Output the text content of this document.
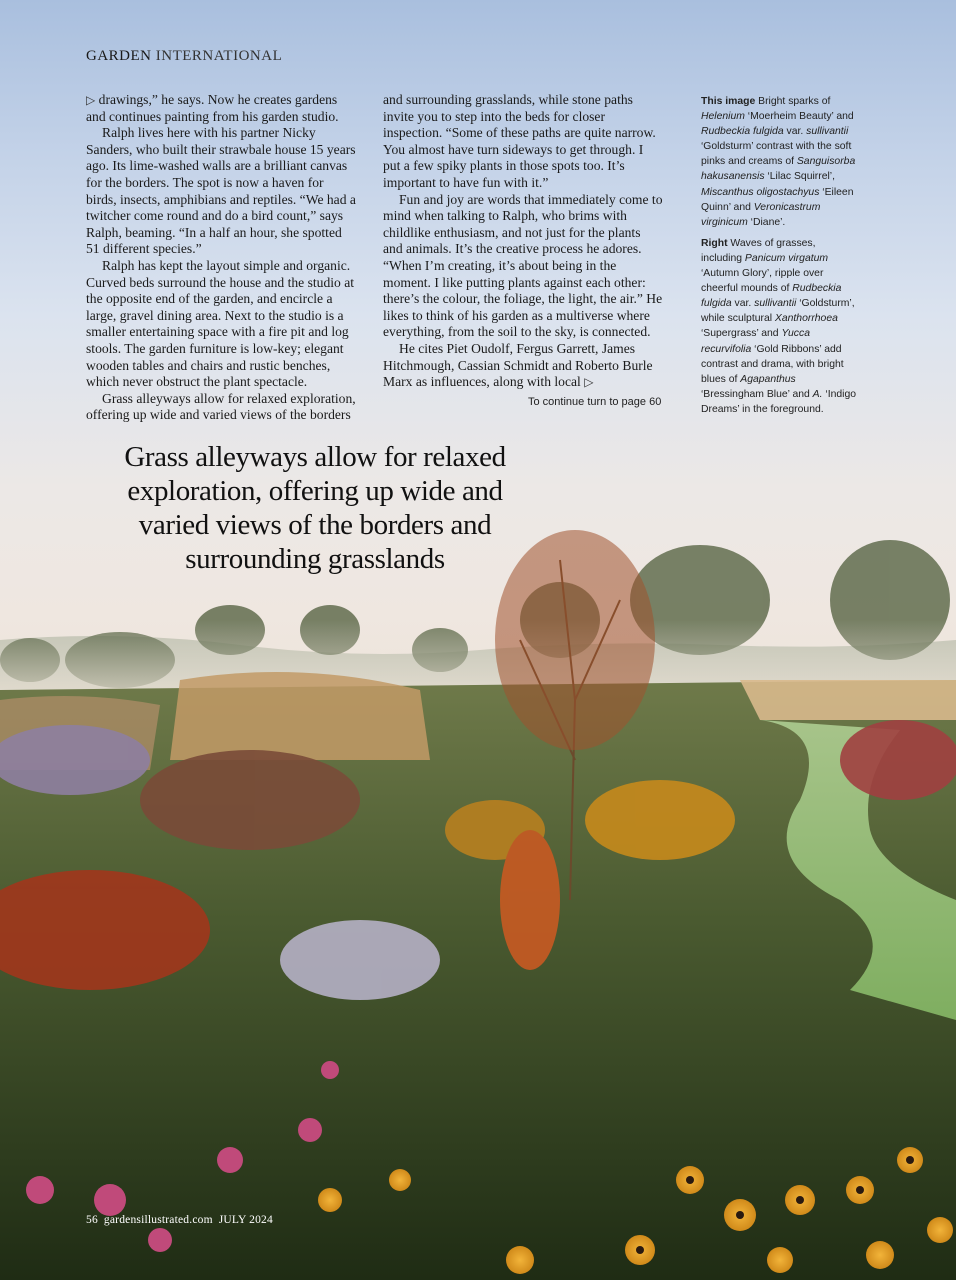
GARDEN INTERNATIONAL

▷ drawings,” he says. Now he creates gardens and continues painting from his garden studio.

Ralph lives here with his partner Nicky Sanders, who built their strawbale house 15 years ago. Its lime-washed walls are a brilliant canvas for the borders. The spot is now a haven for birds, insects, amphibians and reptiles. “We had a twitcher come round and do a bird count,” says Ralph, beaming. “In a half an hour, she spotted 51 different species.”

Ralph has kept the layout simple and organic. Curved beds surround the house and the studio at the opposite end of the garden, and encircle a large, gravel dining area. Next to the studio is a smaller entertaining space with a fire pit and log stools. The garden furniture is low-key; elegant wooden tables and chairs and rustic benches, which never obstruct the plant spectacle.

Grass alleyways allow for relaxed exploration, offering up wide and varied views of the borders

and surrounding grasslands, while stone paths invite you to step into the beds for closer inspection. “Some of these paths are quite narrow. You almost have turn sideways to get through. I put a few spiky plants in those spots too. It’s important to have fun with it.”

Fun and joy are words that immediately come to mind when talking to Ralph, who brims with childlike enthusiasm, and not just for the plants and animals. It’s the creative process he adores. “When I’m creating, it’s about being in the moment. I like putting plants against each other: there’s the colour, the foliage, the light, the air.” He likes to think of his garden as a multiverse where everything, from the soil to the sky, is connected.

He cites Piet Oudolf, Fergus Garrett, James Hitchmough, Cassian Schmidt and Roberto Burle Marx as influences, along with local ▷

To continue turn to page 60

This image Bright sparks of Helenium ‘Moerheim Beauty’ and Rudbeckia fulgida var. sullivantii ‘Goldsturm’ contrast with the soft pinks and creams of Sanguisorba hakusanensis ‘Lilac Squirrel’, Miscanthus oligostachyus ‘Eileen Quinn’ and Veronicastrum virginicum ‘Diane’.

Right Waves of grasses, including Panicum virgatum ‘Autumn Glory’, ripple over cheerful mounds of Rudbeckia fulgida var. sullivantii ‘Goldsturm’, while sculptural Xanthorrhoea ‘Supergrass’ and Yucca recurvifolia ‘Gold Ribbons’ add contrast and drama, with bright blues of Agapanthus ‘Bressingham Blue’ and A. ‘Indigo Dreams’ in the foreground.

Grass alleyways allow for relaxed exploration, offering up wide and varied views of the borders and surrounding grasslands
56 gardensillustrated.com JULY 2024
